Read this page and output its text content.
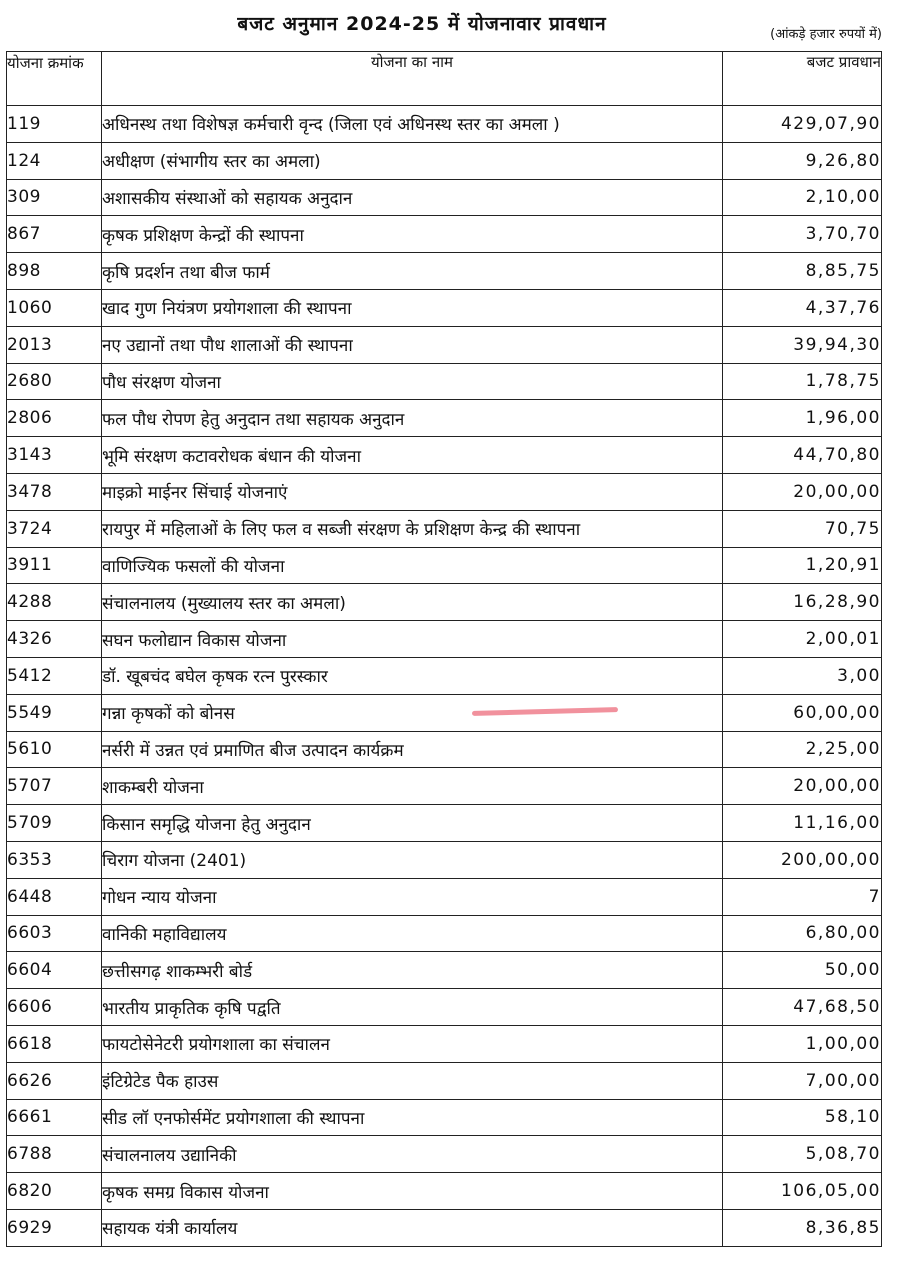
बजट अनुमान 2024-25 में योजनावार प्रावधान	(आंकड़े हजार रुपयों में)
योजना क्रमांक	योजना का नाम	बजट प्रावधान
119	अधिनस्थ तथा विशेषज्ञ कर्मचारी वृन्द (जिला एवं अधिनस्थ स्तर का अमला )	429,07,90
124	अधीक्षण (संभागीय स्तर का अमला)	9,26,80
309	अशासकीय संस्थाओं को सहायक अनुदान	2,10,00
867	कृषक प्रशिक्षण केन्द्रों की स्थापना	3,70,70
898	कृषि प्रदर्शन तथा बीज फार्म	8,85,75
1060	खाद गुण नियंत्रण प्रयोगशाला की स्थापना	4,37,76
2013	नए उद्यानों तथा पौध शालाओं की स्थापना	39,94,30
2680	पौध संरक्षण योजना	1,78,75
2806	फल पौध रोपण हेतु अनुदान तथा सहायक अनुदान	1,96,00
3143	भूमि संरक्षण कटावरोधक बंधान की योजना	44,70,80
3478	माइक्रो माईनर सिंचाई योजनाएं	20,00,00
3724	रायपुर में महिलाओं के लिए फल व सब्जी संरक्षण के प्रशिक्षण केन्द्र की स्थापना	70,75
3911	वाणिज्यिक फसलों की योजना	1,20,91
4288	संचालनालय (मुख्यालय स्तर का अमला)	16,28,90
4326	सघन फलोद्यान विकास योजना	2,00,01
5412	डॉ. खूबचंद बघेल कृषक रत्न पुरस्कार	3,00
5549	गन्ना कृषकों को बोनस	60,00,00
5610	नर्सरी में उन्नत एवं प्रमाणित बीज उत्पादन कार्यक्रम	2,25,00
5707	शाकम्बरी योजना	20,00,00
5709	किसान समृद्धि योजना हेतु अनुदान	11,16,00
6353	चिराग योजना (2401)	200,00,00
6448	गोधन न्याय योजना	7
6603	वानिकी महाविद्यालय	6,80,00
6604	छत्तीसगढ़ शाकम्भरी बोर्ड	50,00
6606	भारतीय प्राकृतिक कृषि पद्वति	47,68,50
6618	फायटोसेनेटरी प्रयोगशाला का संचालन	1,00,00
6626	इंटिग्रेटेड पैक हाउस	7,00,00
6661	सीड लॉ एनफोर्समेंट प्रयोगशाला की स्थापना	58,10
6788	संचालनालय उद्यानिकी	5,08,70
6820	कृषक समग्र विकास योजना	106,05,00
6929	सहायक यंत्री कार्यालय	8,36,85
